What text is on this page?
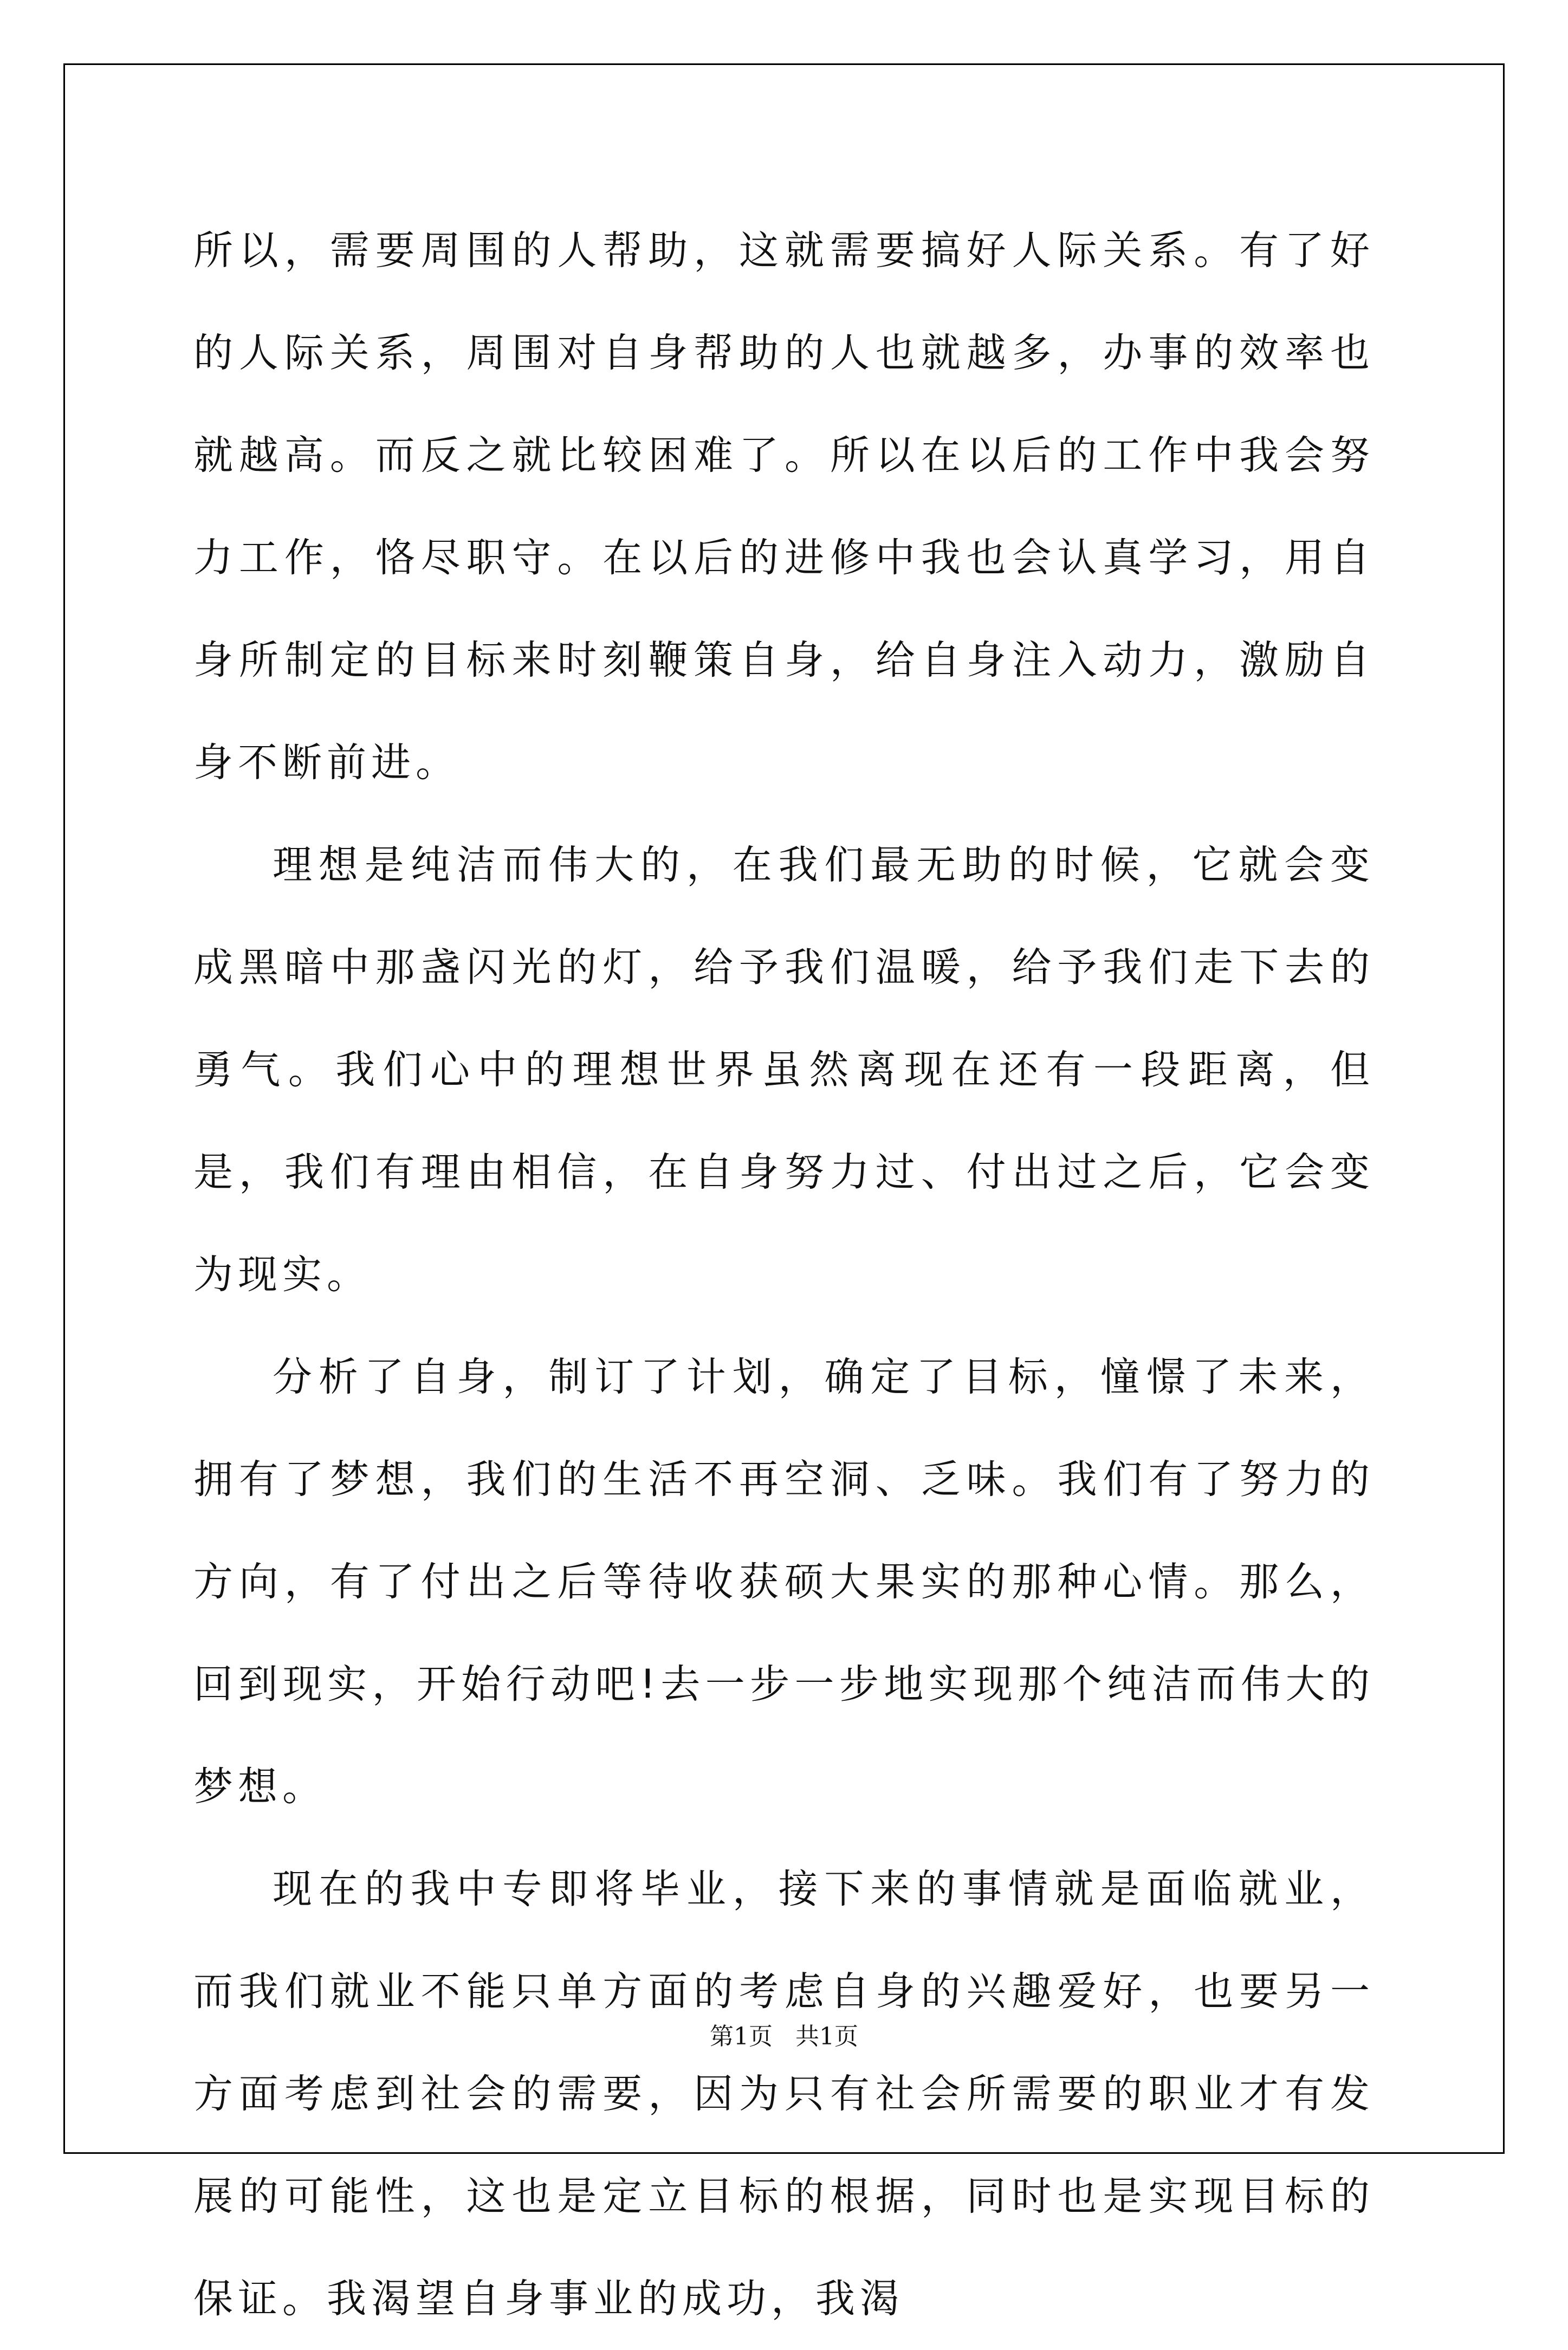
所以，需要周围的人帮助，这就需要搞好人际关系。有了好的人际关系，周围对自身帮助的人也就越多，办事的效率也就越高。而反之就比较困难了。所以在以后的工作中我会努力工作，恪尽职守。在以后的进修中我也会认真学习，用自身所制定的目标来时刻鞭策自身，给自身注入动力，激励自身不断前进。

理想是纯洁而伟大的，在我们最无助的时候，它就会变成黑暗中那盏闪光的灯，给予我们温暖，给予我们走下去的勇气。我们心中的理想世界虽然离现在还有一段距离，但是，我们有理由相信，在自身努力过、付出过之后，它会变为现实。

分析了自身，制订了计划，确定了目标，憧憬了未来，拥有了梦想，我们的生活不再空洞、乏味。我们有了努力的方向，有了付出之后等待收获硕大果实的那种心情。那么，回到现实，开始行动吧!去一步一步地实现那个纯洁而伟大的梦想。

现在的我中专即将毕业，接下来的事情就是面临就业，而我们就业不能只单方面的考虑自身的兴趣爱好，也要另一方面考虑到社会的需要，因为只有社会所需要的职业才有发展的可能性，这也是定立目标的根据，同时也是实现目标的保证。我渴望自身事业的成功，我渴

第1页 共1页
